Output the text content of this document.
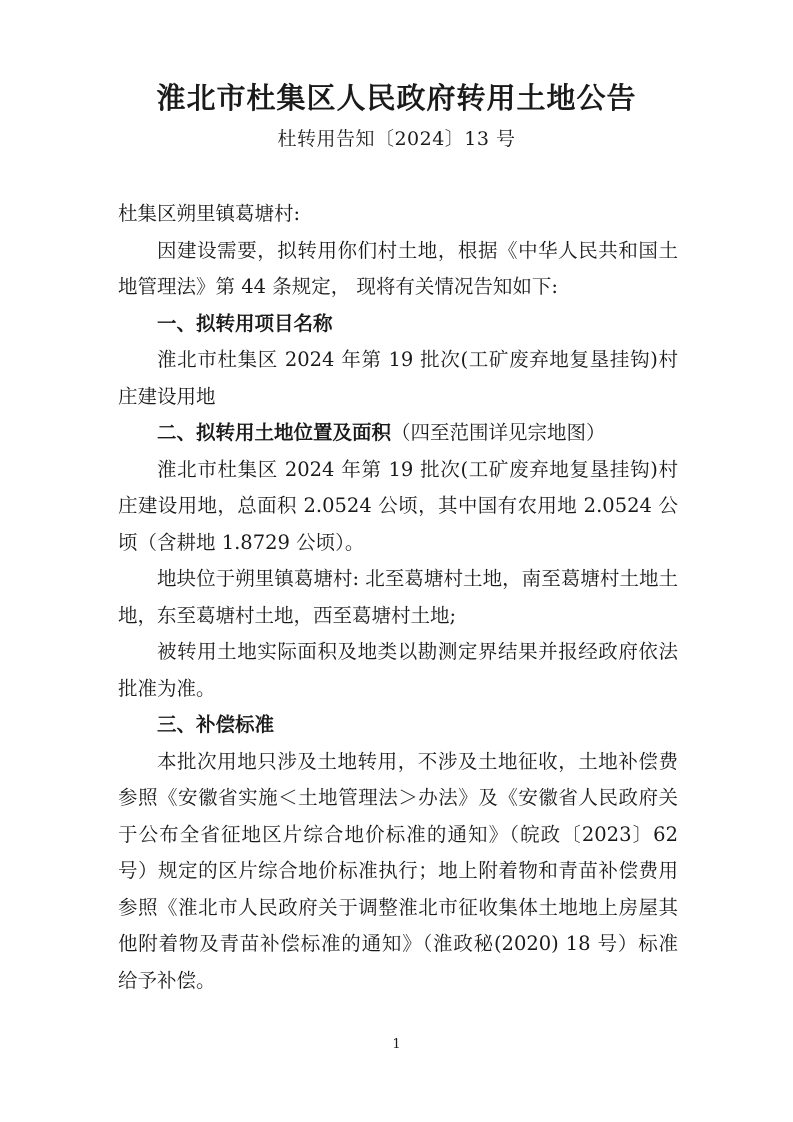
淮北市杜集区人民政府转用土地公告
杜转用告知〔2024〕13 号

杜集区朔里镇葛塘村:

因建设需要，拟转用你们村土地，根据《中华人民共和国土地管理法》第 44 条规定， 现将有关情况告知如下:

一、拟转用项目名称

淮北市杜集区 2024 年第 19 批次(工矿废弃地复垦挂钩)村庄建设用地

二、拟转用土地位置及面积（四至范围详见宗地图）

淮北市杜集区 2024 年第 19 批次(工矿废弃地复垦挂钩)村庄建设用地，总面积 2.0524 公顷，其中国有农用地 2.0524 公顷（含耕地 1.8729 公顷）。

地块位于朔里镇葛塘村: 北至葛塘村土地，南至葛塘村土地土地，东至葛塘村土地，西至葛塘村土地;

被转用土地实际面积及地类以勘测定界结果并报经政府依法批准为准。

三、补偿标准

本批次用地只涉及土地转用，不涉及土地征收，土地补偿费参照《安徽省实施＜土地管理法＞办法》及《安徽省人民政府关于公布全省征地区片综合地价标准的通知》（皖政〔2023〕62 号）规定的区片综合地价标准执行；地上附着物和青苗补偿费用参照《淮北市人民政府关于调整淮北市征收集体土地地上房屋其他附着物及青苗补偿标准的通知》（淮政秘(2020) 18 号）标准给予补偿。

1
